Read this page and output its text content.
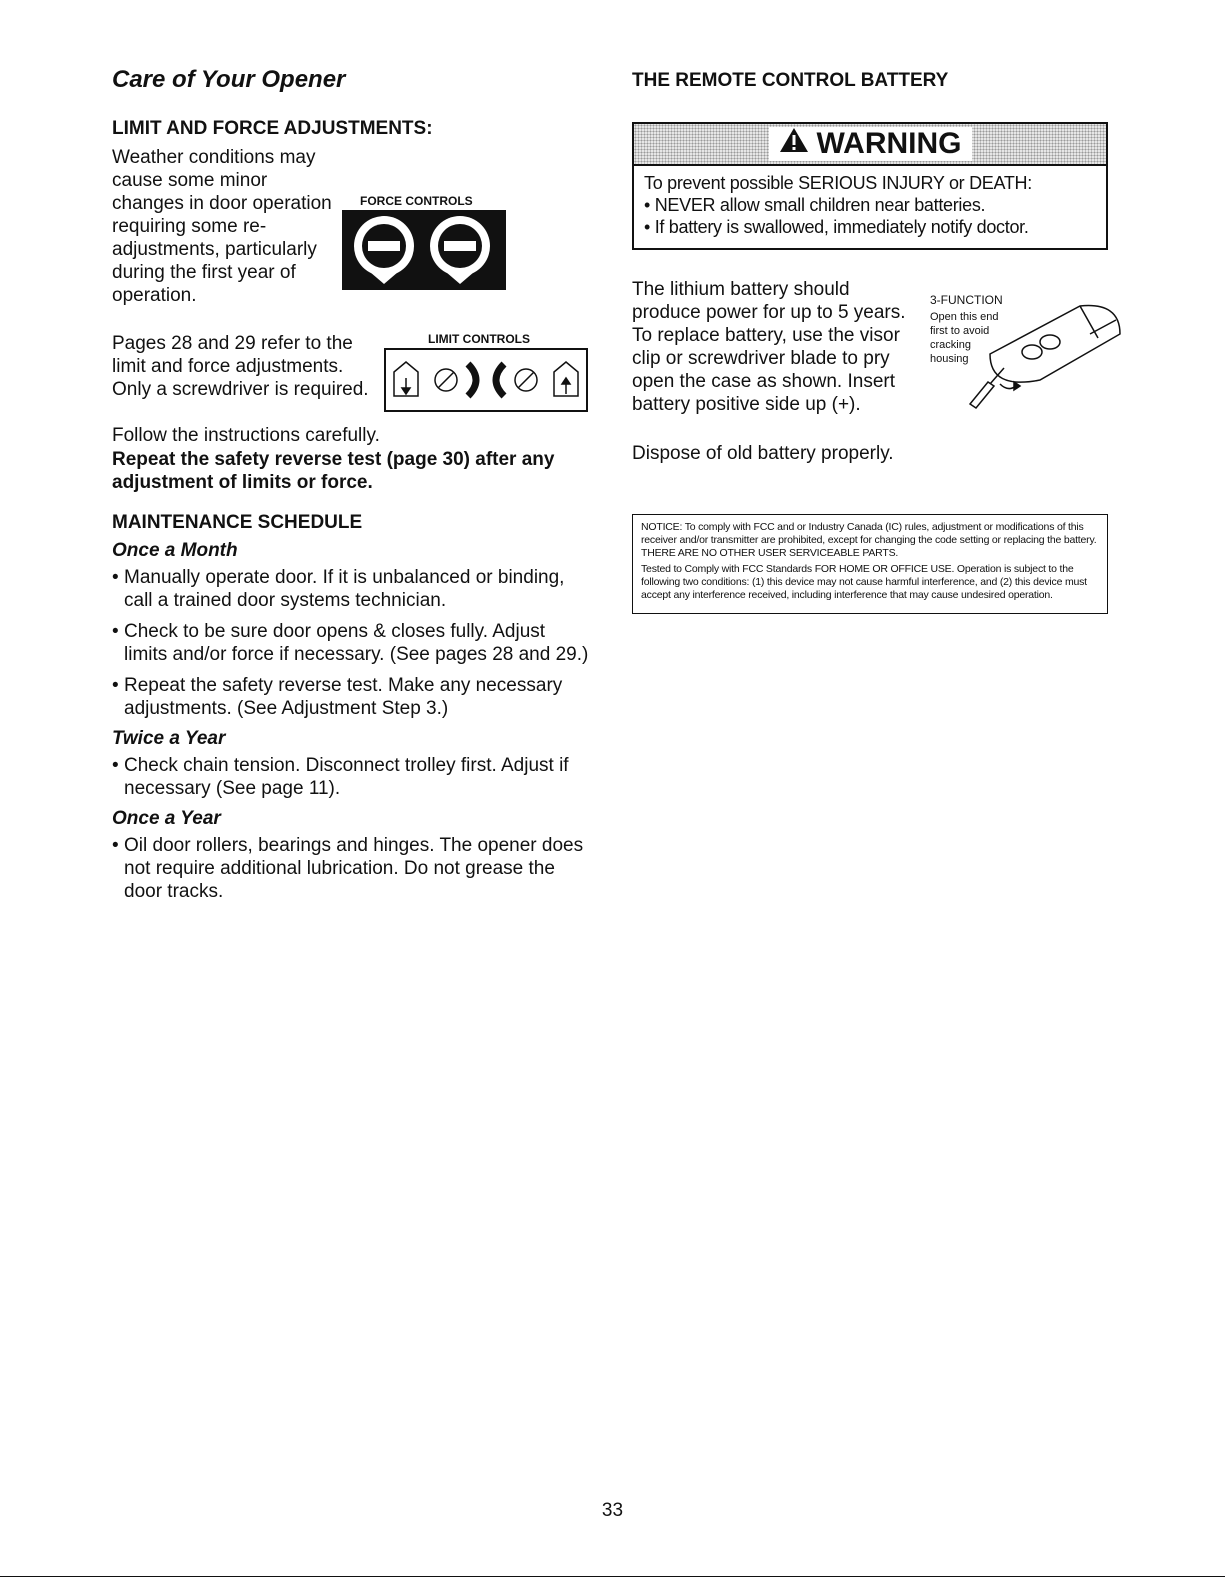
Care of Your Opener
LIMIT AND FORCE ADJUSTMENTS:
Weather conditions may cause some minor changes in door operation requiring some re-adjustments, particularly during the first year of operation.
Pages 28 and 29 refer to the limit and force adjustments. Only a screwdriver is required.
Follow the instructions carefully.
FORCE CONTROLS
LIMIT CONTROLS
Repeat the safety reverse test (page 30) after any adjustment of limits or force.
MAINTENANCE SCHEDULE
Once a Month
• Manually operate door. If it is unbalanced or binding, call a trained door systems technician.
• Check to be sure door opens & closes fully. Adjust limits and/or force if necessary. (See pages 28 and 29.)
• Repeat the safety reverse test. Make any necessary adjustments. (See Adjustment Step 3.)
Twice a Year
• Check chain tension. Disconnect trolley first. Adjust if necessary (See page 11).
Once a Year
• Oil door rollers, bearings and hinges. The opener does not require additional lubrication. Do not grease the door tracks.
THE REMOTE CONTROL BATTERY
WARNING
To prevent possible SERIOUS INJURY or DEATH:
• NEVER allow small children near batteries.
• If battery is swallowed, immediately notify doctor.
The lithium battery should produce power for up to 5 years. To replace battery, use the visor clip or screwdriver blade to pry open the case as shown. Insert battery positive side up (+).
Dispose of old battery properly.
3-FUNCTION
Open this end
first to avoid
cracking
housing

NOTICE: To comply with FCC and or Industry Canada (IC) rules, adjustment or modifications of this receiver and/or transmitter are prohibited, except for changing the code setting or replacing the battery. THERE ARE NO OTHER USER SERVICEABLE PARTS.

Tested to Comply with FCC Standards FOR HOME OR OFFICE USE. Operation is subject to the following two conditions: (1) this device may not cause harmful interference, and (2) this device must accept any interference received, including interference that may cause undesired operation.

33
